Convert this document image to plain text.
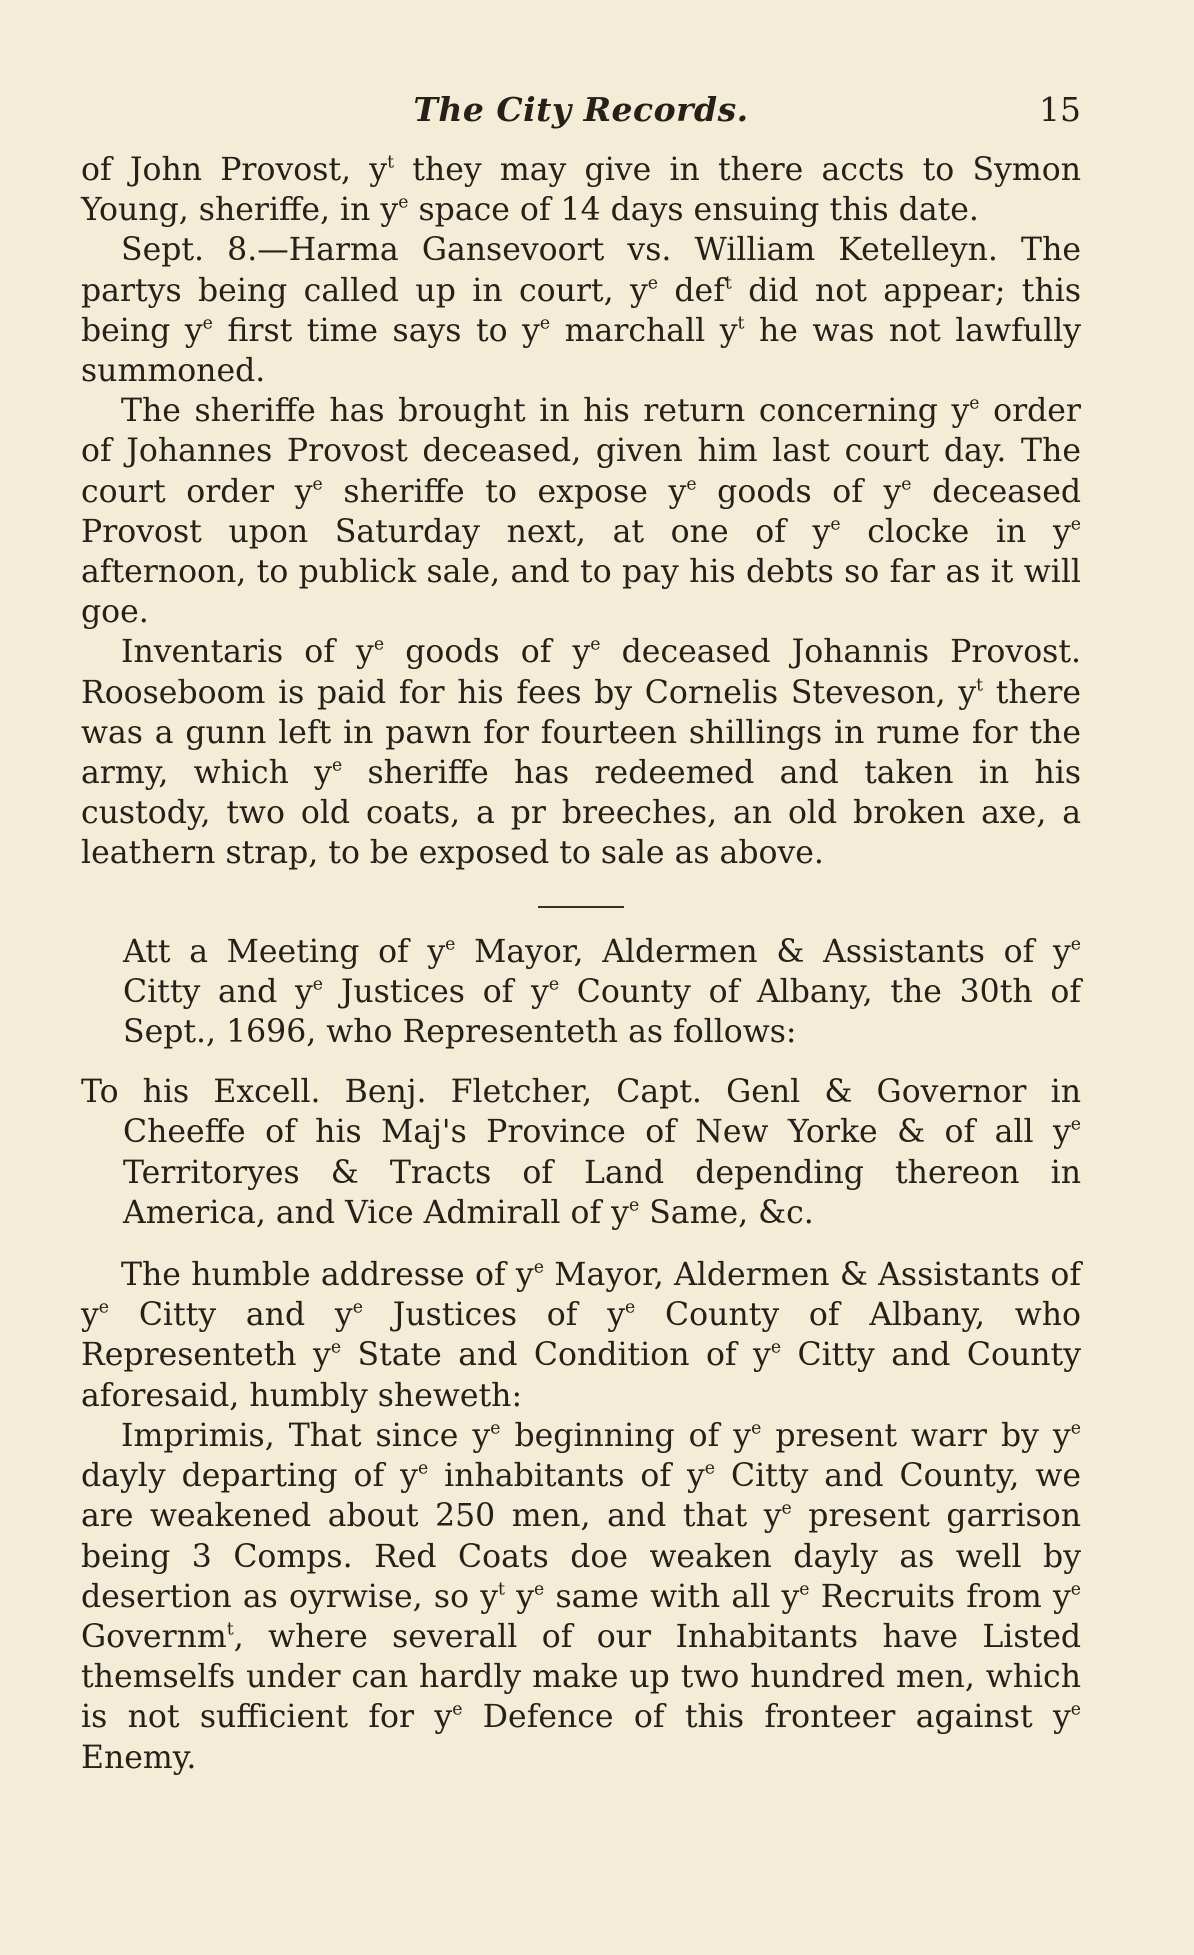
The City Records.	15

of John Provost, $y^t$ they may give in there accts to Symon Young, sheriffe, in $y^e$ space of 14 days ensuing this date.

Sept. 8.—Harma Gansevoort vs. William Ketelleyn. The partys being called up in court, $y^e$ def$^t$ did not appear; this being $y^e$ first time says to $y^e$ marchall $y^t$ he was not lawfully summoned.

The sheriffe has brought in his return concerning $y^e$ order of Johannes Provost deceased, given him last court day. The court order $y^e$ sheriffe to expose $y^e$ goods of $y^e$ deceased Provost upon Saturday next, at one of $y^e$ clocke in $y^e$ afternoon, to publick sale, and to pay his debts so far as it will goe.

Inventaris of $y^e$ goods of $y^e$ deceased Johannis Provost. Rooseboom is paid for his fees by Cornelis Steveson, $y^t$ there was a gunn left in pawn for fourteen shillings in rume for the army, which $y^e$ sheriffe has redeemed and taken in his custody, two old coats, a pr breeches, an old broken axe, a leathern strap, to be exposed to sale as above.

Att a Meeting of $y^e$ Mayor, Aldermen & Assistants of $y^e$ Citty and $y^e$ Justices of $y^e$ County of Albany, the 30th of Sept., 1696, who Representeth as follows:

To his Excell. Benj. Fletcher, Capt. Genl & Governor in Cheeffe of his Maj's Province of New Yorke & of all $y^e$ Territoryes & Tracts of Land depending thereon in America, and Vice Admirall of $y^e$ Same, &c.

The humble addresse of $y^e$ Mayor, Aldermen & Assistants of $y^e$ Citty and $y^e$ Justices of $y^e$ County of Albany, who Representeth $y^e$ State and Condition of $y^e$ Citty and County aforesaid, humbly sheweth:

Imprimis, That since $y^e$ beginning of $y^e$ present warr by $y^e$ dayly departing of $y^e$ inhabitants of $y^e$ Citty and County, we are weakened about 250 men, and that $y^e$ present garrison being 3 Comps. Red Coats doe weaken dayly as well by desertion as oyrwise, so $y^t$ $y^e$ same with all $y^e$ Recruits from $y^e$ Governm$^t$, where severall of our Inhabitants have Listed themselfs under can hardly make up two hundred men, which is not sufficient for $y^e$ Defence of this fronteer against $y^e$ Enemy.
